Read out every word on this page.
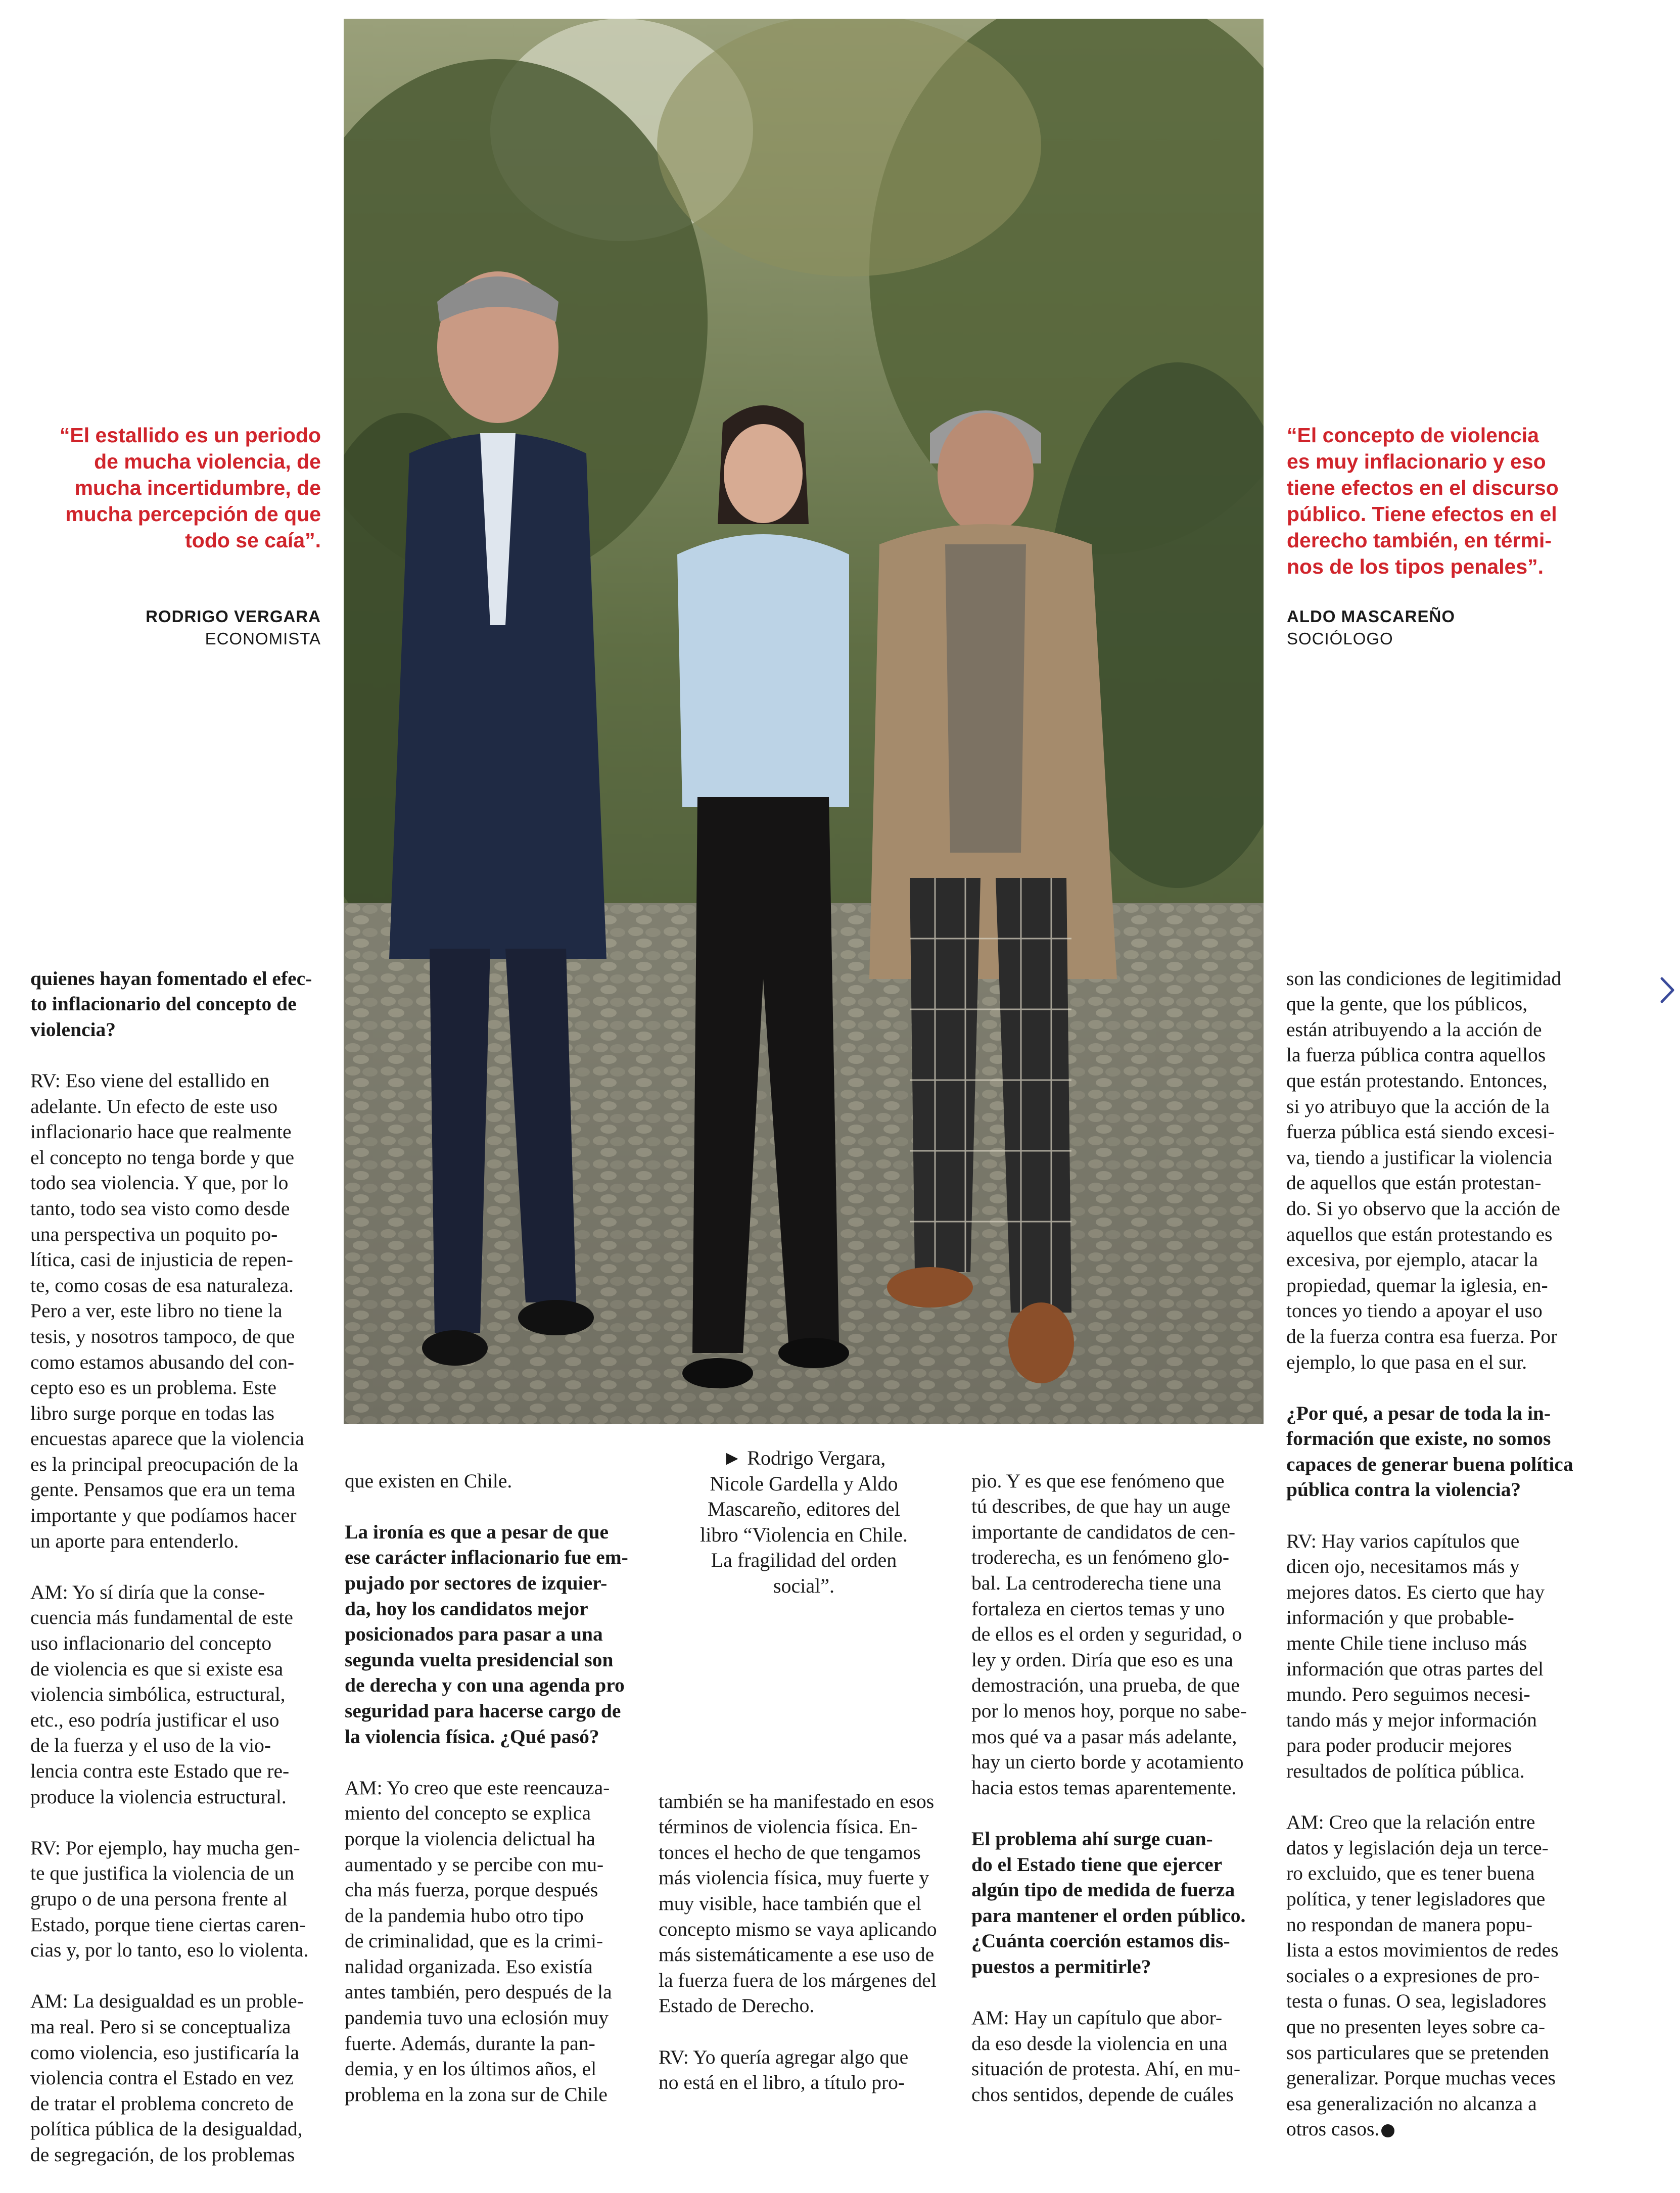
“El estallido es un periodo
de mucha violencia, de
mucha incertidumbre, de
mucha percepción de que
todo se caía”.
RODRIGO VERGARA
ECONOMISTA
“El concepto de violencia
es muy inflacionario y eso
tiene efectos en el discurso
público. Tiene efectos en el
derecho también, en térmi-
nos de los tipos penales”.
ALDO MASCAREÑO
SOCIÓLOGO

quienes hayan fomentado el efec-
to inflacionario del concepto de
violencia?

RV: Eso viene del estallido en
adelante. Un efecto de este uso
inflacionario hace que realmente
el concepto no tenga borde y que
todo sea violencia. Y que, por lo
tanto, todo sea visto como desde
una perspectiva un poquito po-
lítica, casi de injusticia de repen-
te, como cosas de esa naturaleza.
Pero a ver, este libro no tiene la
tesis, y nosotros tampoco, de que
como estamos abusando del con-
cepto eso es un problema. Este
libro surge porque en todas las
encuestas aparece que la violencia
es la principal preocupación de la
gente. Pensamos que era un tema
importante y que podíamos hacer
un aporte para entenderlo.

AM: Yo sí diría que la conse-
cuencia más fundamental de este
uso inflacionario del concepto
de violencia es que si existe esa
violencia simbólica, estructural,
etc., eso podría justificar el uso
de la fuerza y el uso de la vio-
lencia contra este Estado que re-
produce la violencia estructural.

RV: Por ejemplo, hay mucha gen-
te que justifica la violencia de un
grupo o de una persona frente al
Estado, porque tiene ciertas caren-
cias y, por lo tanto, eso lo violenta.

AM: La desigualdad es un proble-
ma real. Pero si se conceptualiza
como violencia, eso justificaría la
violencia contra el Estado en vez
de tratar el problema concreto de
política pública de la desigualdad,
de segregación, de los problemas

que existen en Chile.

La ironía es que a pesar de que
ese carácter inflacionario fue em-
pujado por sectores de izquier-
da, hoy los candidatos mejor
posicionados para pasar a una
segunda vuelta presidencial son
de derecha y con una agenda pro
seguridad para hacerse cargo de
la violencia física. ¿Qué pasó?

AM: Yo creo que este reencauza-
miento del concepto se explica
porque la violencia delictual ha
aumentado y se percibe con mu-
cha más fuerza, porque después
de la pandemia hubo otro tipo
de criminalidad, que es la crimi-
nalidad organizada. Eso existía
antes también, pero después de la
pandemia tuvo una eclosión muy
fuerte. Además, durante la pan-
demia, y en los últimos años, el
problema en la zona sur de Chile

► Rodrigo Vergara,
Nicole Gardella y Aldo
Mascareño, editores del
libro “Violencia en Chile.
La fragilidad del orden
social”.

también se ha manifestado en esos
términos de violencia física. En-
tonces el hecho de que tengamos
más violencia física, muy fuerte y
muy visible, hace también que el
concepto mismo se vaya aplicando
más sistemáticamente a ese uso de
la fuerza fuera de los márgenes del
Estado de Derecho.

RV: Yo quería agregar algo que
no está en el libro, a título pro-

pio. Y es que ese fenómeno que
tú describes, de que hay un auge
importante de candidatos de cen-
troderecha, es un fenómeno glo-
bal. La centroderecha tiene una
fortaleza en ciertos temas y uno
de ellos es el orden y seguridad, o
ley y orden. Diría que eso es una
demostración, una prueba, de que
por lo menos hoy, porque no sabe-
mos qué va a pasar más adelante,
hay un cierto borde y acotamiento
hacia estos temas aparentemente.

El problema ahí surge cuan-
do el Estado tiene que ejercer
algún tipo de medida de fuerza
para mantener el orden público.
¿Cuánta coerción estamos dis-
puestos a permitirle?

AM: Hay un capítulo que abor-
da eso desde la violencia en una
situación de protesta. Ahí, en mu-
chos sentidos, depende de cuáles

son las condiciones de legitimidad
que la gente, que los públicos,
están atribuyendo a la acción de
la fuerza pública contra aquellos
que están protestando. Entonces,
si yo atribuyo que la acción de la
fuerza pública está siendo excesi-
va, tiendo a justificar la violencia
de aquellos que están protestan-
do. Si yo observo que la acción de
aquellos que están protestando es
excesiva, por ejemplo, atacar la
propiedad, quemar la iglesia, en-
tonces yo tiendo a apoyar el uso
de la fuerza contra esa fuerza. Por
ejemplo, lo que pasa en el sur.

¿Por qué, a pesar de toda la in-
formación que existe, no somos
capaces de generar buena política
pública contra la violencia?

RV: Hay varios capítulos que
dicen ojo, necesitamos más y
mejores datos. Es cierto que hay
información y que probable-
mente Chile tiene incluso más
información que otras partes del
mundo. Pero seguimos necesi-
tando más y mejor información
para poder producir mejores
resultados de política pública.

AM: Creo que la relación entre
datos y legislación deja un terce-
ro excluido, que es tener buena
política, y tener legisladores que
no respondan de manera popu-
lista a estos movimientos de redes
sociales o a expresiones de pro-
testa o funas. O sea, legisladores
que no presenten leyes sobre ca-
sos particulares que se pretenden
generalizar. Porque muchas veces
esa generalización no alcanza a
otros casos.
